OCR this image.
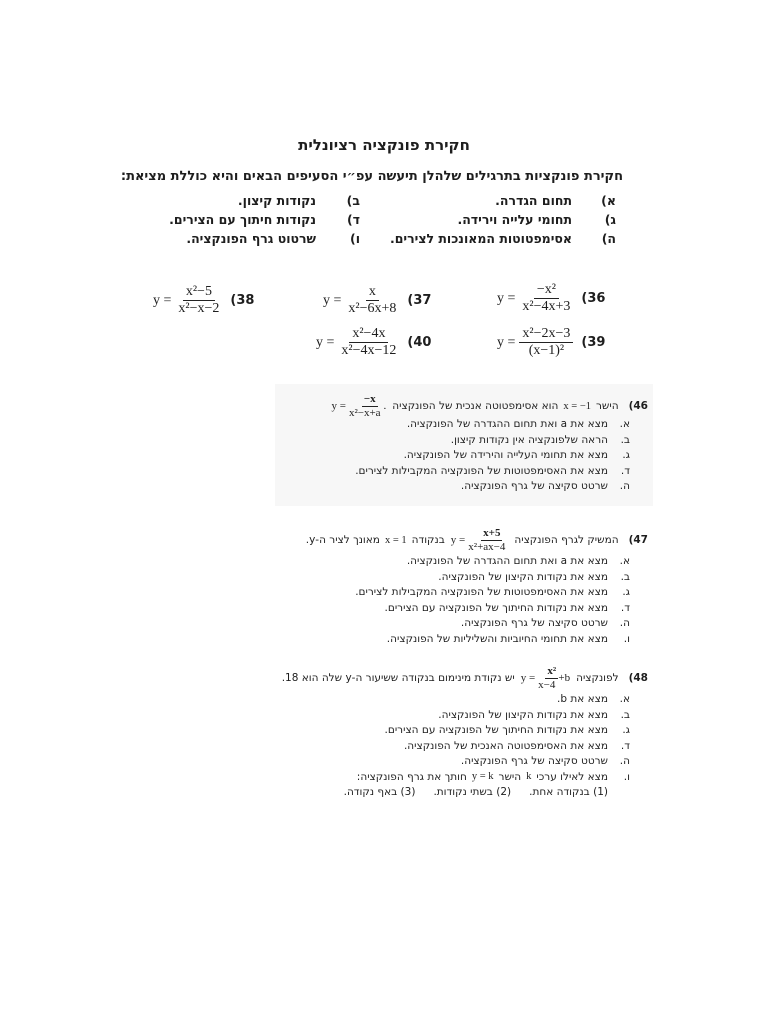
חקירת פונקציה רציונלית
חקירת פונקציות בתרגילים שלהלן תיעשה עפ״י הסעיפים הבאים והיא כוללת מציאת:
א)
תחום הגדרה.
ב)
נקודות קיצון.
ג)
תחומי עלייה וירידה.
ד)
נקודות חיתוך עם הצירים.
ה)
אסימפטוטות המאונכות לצירים.
ו)
שרטוט גרף הפונקציה.
$y = \frac{\text{−x²}}{\text{x²−4x+3}} (36$
$y = \frac{x}{\text{x²−6x+8}} (37$
$y = \frac{\text{x²−5}}{\text{x²−x−2}} (38$
$y = \frac{\text{x²−2x−3}}{\text{(x−1)²}} (39$
$y = \frac{\text{x²−4x}}{\text{x²−4x−12}} (40$
(46
הישר
x = −1
הוא אסימפטוטה אנכית של הפונקציה
$y = \frac{-x}{\text{x²−x+a}}$ .
א.
מצא את a ואת תחום ההגדרה של הפונקציה.
ב.
הראה שלפונקציה אין נקודות קיצון.
ג.
מצא את תחומי העלייה והירידה של הפונקציה.
ד.
מצא את האסימפטוטות של הפונקציה המקבילות לצירים.
ה.
שרטט סקיצה של גרף הפונקציה.
(47
המשיק לגרף הפונקציה
$y = \frac{x+5}{\text{x²+ax−4}}$
בנקודה
x = 1
מאונך לציר ה-y.
א.
מצא את a ואת תחום ההגדרה של הפונקציה.
ב.
מצא את נקודות הקיצון של הפונקציה.
ג.
מצא את האסימפטוטות של הפונקציה המקבילות לצירים.
ד.
מצא את נקודות החיתוך של הפונקציה עם הצירים.
ה.
שרטט סקיצה של גרף הפונקציה.
ו.
מצא את תחומי החיוביות והשליליות של הפונקציה.
(48
לפונקציה
$y = \frac{\text{x²}}{x-4} +b$
יש נקודת מינימום בנקודה ששיעור ה-y שלה הוא 18.
א.
מצא את b.
ב.
מצא את נקודות הקיצון של הפונקציה.
ג.
מצא את נקודות החיתוך של הפונקציה עם הצירים.
ד.
מצא את האסימפטוטה האנכית של הפונקציה.
ה.
שרטט סקיצה של גרף הפונקציה.
ו.
מצא לאילו ערכי
k
הישר
y = k
חותך את גרף הפונקציה:
(1) בנקודה אחת.
(2) בשתי נקודות.
(3) באף נקודה.
